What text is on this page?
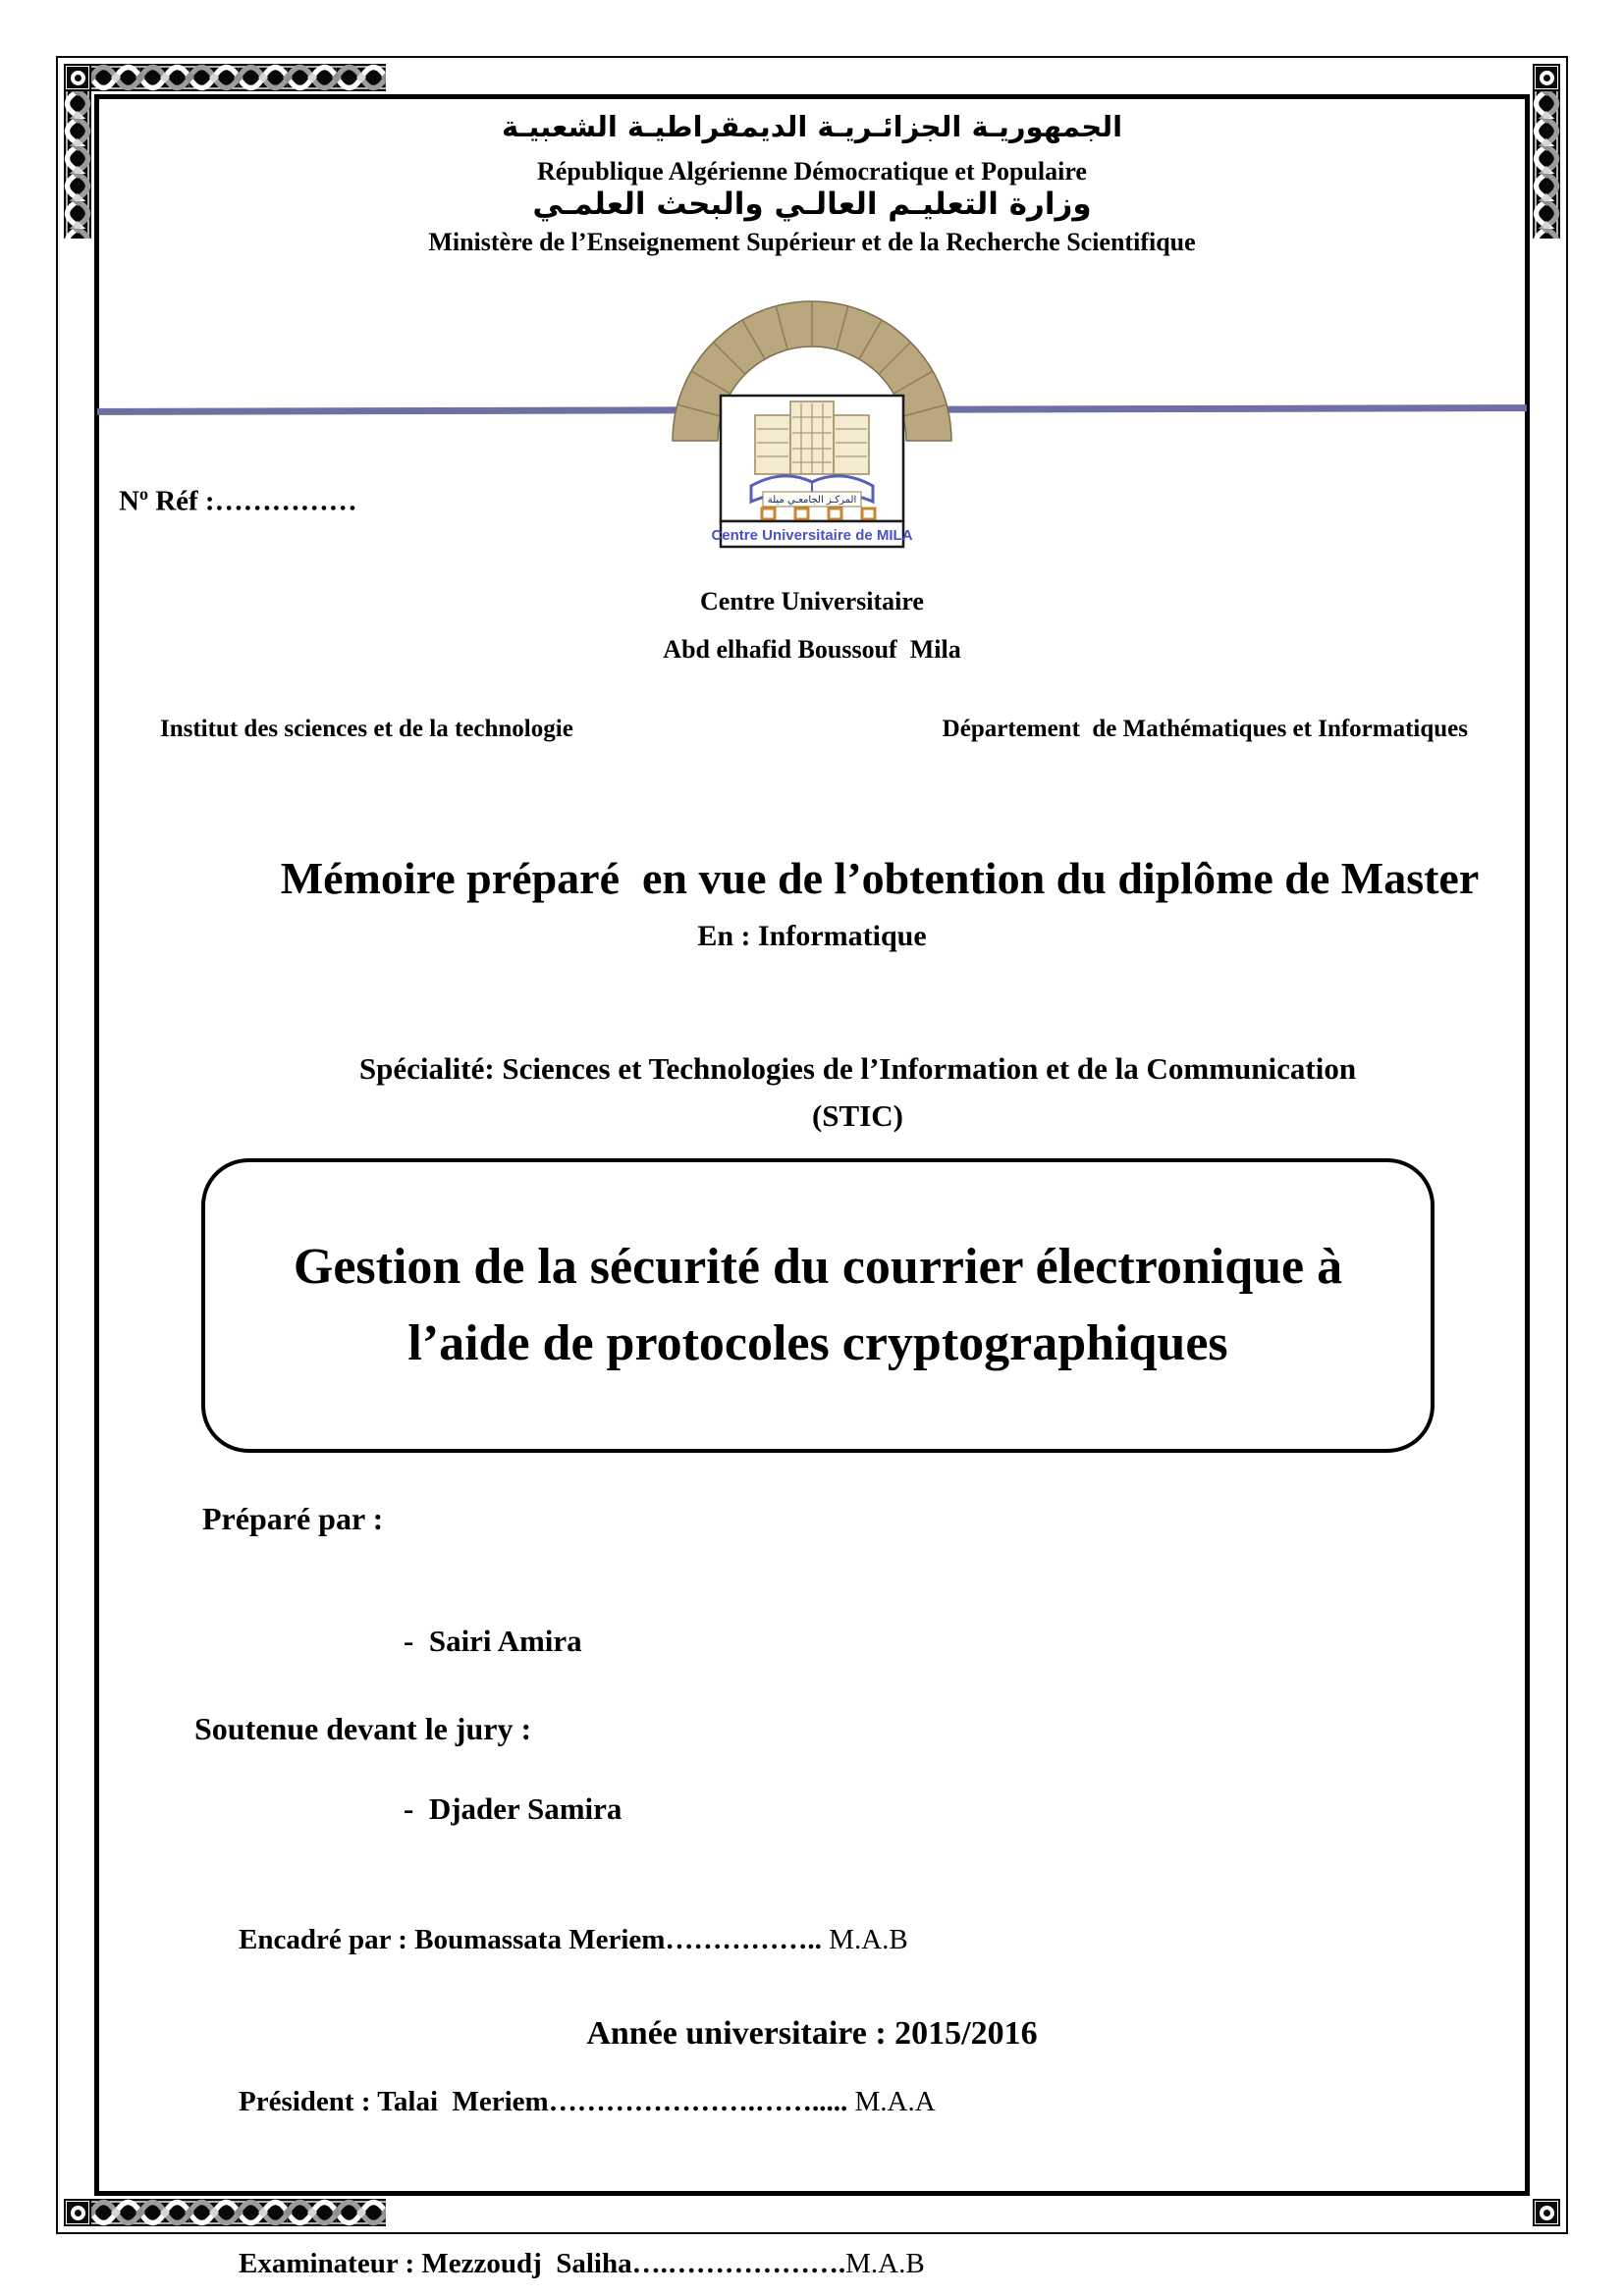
الجمهوريـة الجزائـريـة الديمقراطيـة الشعبيـة
République Algérienne Démocratique et Populaire
وزارة التعليـم العالـي والبحث العلمـي
Ministère de l’Enseignement Supérieur et de la Recherche Scientifique
المركـز الجامعـي ميلة
Centre Universitaire de MILA
$N^o$ Réf :……………
Centre Universitaire
Abd elhafid Boussouf  Mila
Institut des sciences et de la technologie	Département  de Mathématiques et Informatiques

Mémoire préparé  en vue de l’obtention du diplôme de Master

En : Informatique

Spécialité: Sciences et Technologies de l’Information et de la Communication (STIC)

Gestion de la sécurité du courrier électronique à l’aide de protocoles cryptographiques
Préparé par :

-  Sairi Amira

-  Djader Samira

Soutenue devant le jury :

Encadré par : Boumassata Meriem…………….. M.A.B

Président : Talai  Meriem………………….……..... M.A.A

Examinateur : Mezzoudj  Saliha….……………….M.A.B

Année universitaire : 2015/2016
